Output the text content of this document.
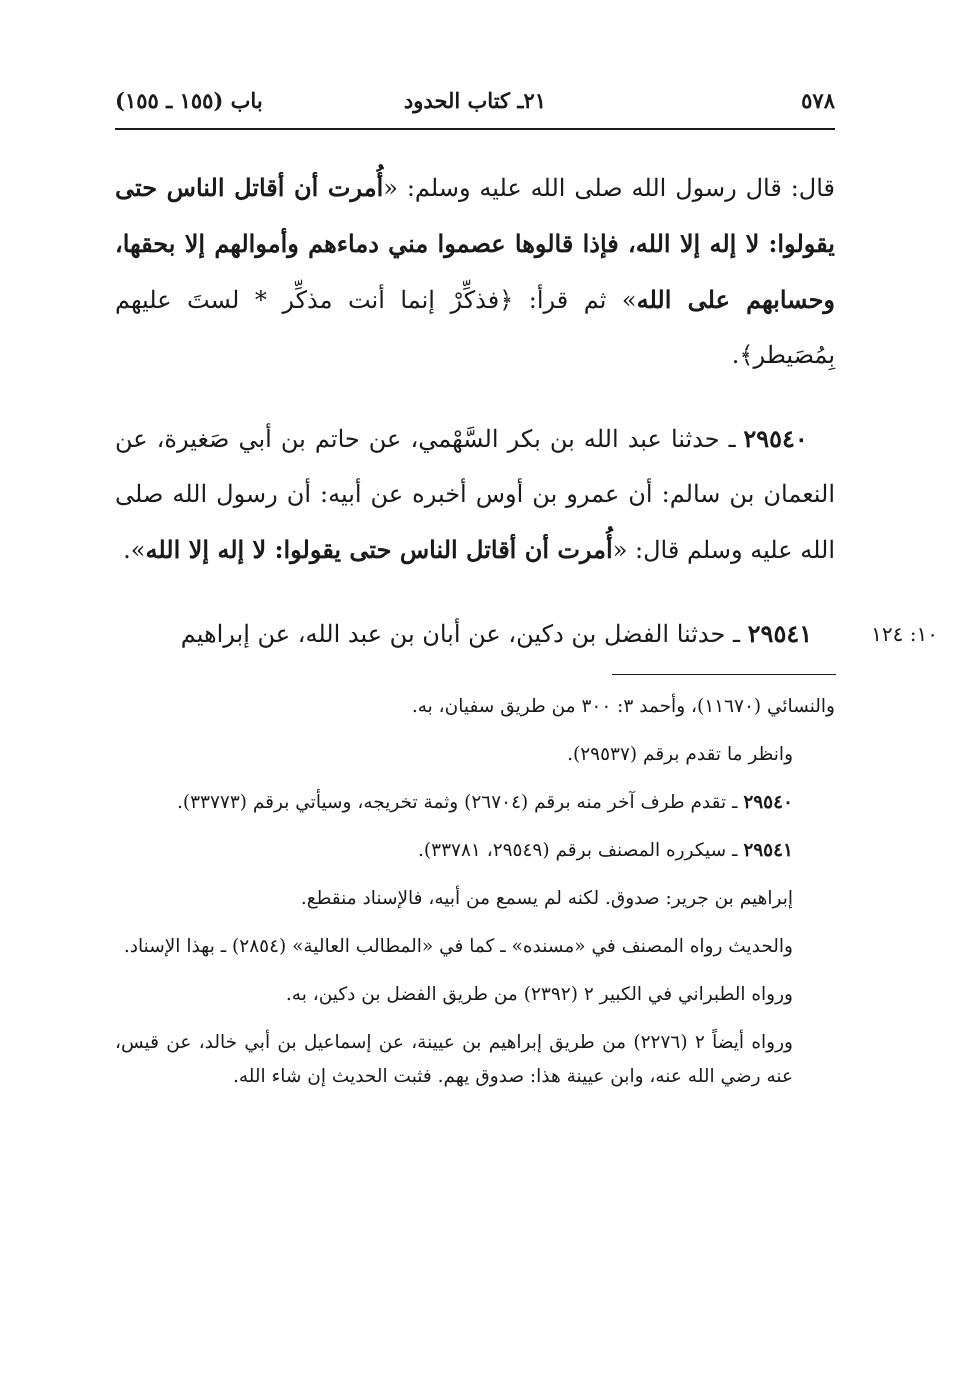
٥٧٨
٢١ـ كتاب الحدود
باب (١٥٥ ـ ١٥٥)

قال: قال رسول الله صلى الله عليه وسلم: «أُمرت أن أقاتل الناس حتى يقولوا: لا إله إلا الله، فإذا قالوها عصموا مني دماءهم وأموالهم إلا بحقها، وحسابهم على الله» ثم قرأ: ﴿فذكِّرْ إنما أنت مذكِّر * لستَ عليهم بِمُصَيطر﴾.

٢٩٥٤٠ ـ حدثنا عبد الله بن بكر السَّهْمي، عن حاتم بن أبي صَغيرة، عن النعمان بن سالم: أن عمرو بن أوس أخبره عن أبيه: أن رسول الله صلى الله عليه وسلم قال: «أُمرت أن أقاتل الناس حتى يقولوا: لا إله إلا الله».

٢٩٥٤١ ـ حدثنا الفضل بن دكين، عن أبان بن عبد الله، عن إبراهيم	١٠: ١٢٤

والنسائي (١١٦٧٠)، وأحمد ٣: ٣٠٠ من طريق سفيان، به.

وانظر ما تقدم برقم (٢٩٥٣٧).

٢٩٥٤٠ ـ تقدم طرف آخر منه برقم (٢٦٧٠٤) وثمة تخريجه، وسيأتي برقم (٣٣٧٧٣).

٢٩٥٤١ ـ سيكرره المصنف برقم (٢٩٥٤٩، ٣٣٧٨١).

إبراهيم بن جرير: صدوق. لكنه لم يسمع من أبيه، فالإسناد منقطع.

والحديث رواه المصنف في «مسنده» ـ كما في «المطالب العالية» (٢٨٥٤) ـ بهذا الإسناد.

ورواه الطبراني في الكبير ٢ (٢٣٩٢) من طريق الفضل بن دكين، به.

ورواه أيضاً ٢ (٢٢٧٦) من طريق إبراهيم بن عيينة، عن إسماعيل بن أبي خالد، عن قيس، عنه رضي الله عنه، وابن عيينة هذا: صدوق يهم. فثبت الحديث إن شاء الله.
